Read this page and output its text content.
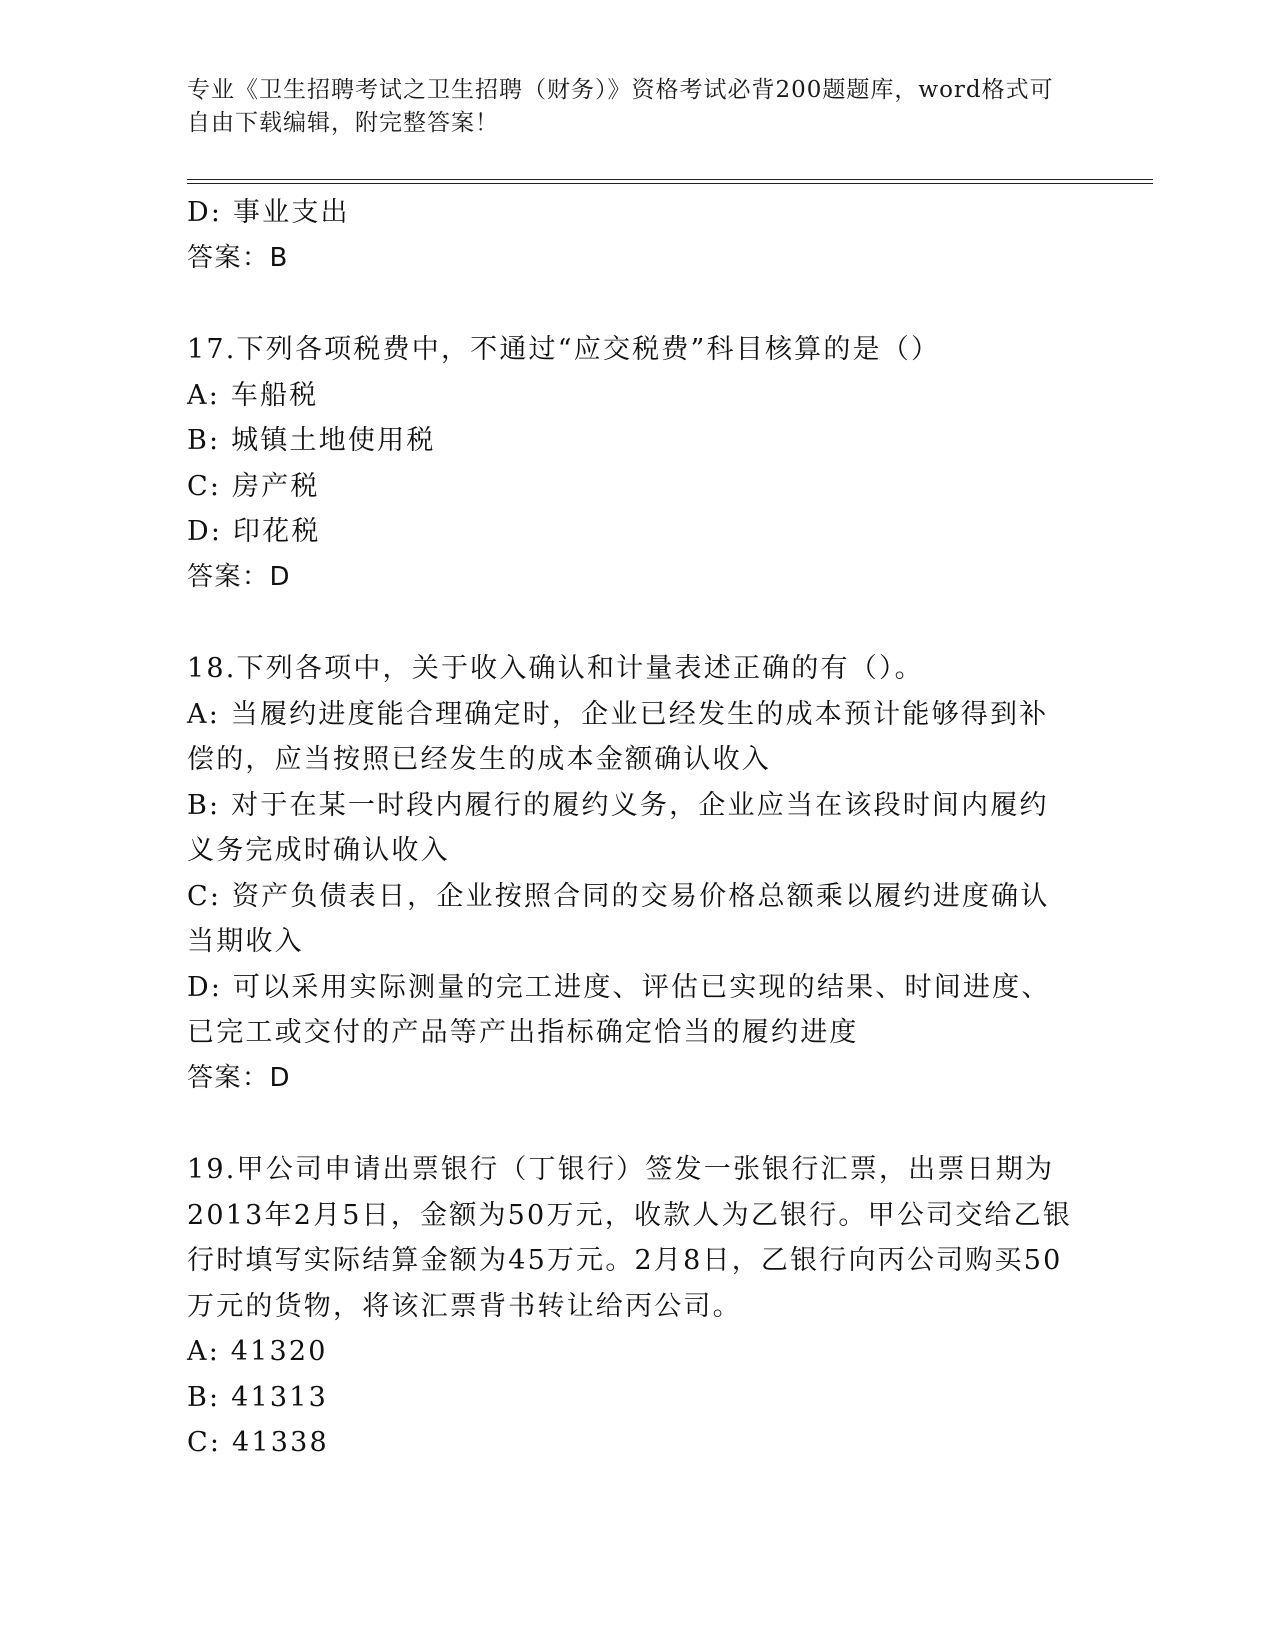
专业《卫生招聘考试之卫生招聘（财务）》资格考试必背200题题库，word格式可自由下载编辑，附完整答案！

D: 事业支出

答案：B

17.下列各项税费中，不通过“应交税费”科目核算的是（）

A: 车船税

B: 城镇土地使用税

C: 房产税

D: 印花税

答案：D

18.下列各项中，关于收入确认和计量表述正确的有（）。

A: 当履约进度能合理确定时，企业已经发生的成本预计能够得到补偿的，应当按照已经发生的成本金额确认收入

B: 对于在某一时段内履行的履约义务，企业应当在该段时间内履约义务完成时确认收入

C: 资产负债表日，企业按照合同的交易价格总额乘以履约进度确认当期收入

D: 可以采用实际测量的完工进度、评估已实现的结果、时间进度、已完工或交付的产品等产出指标确定恰当的履约进度

答案：D

19.甲公司申请出票银行（丁银行）签发一张银行汇票，出票日期为2013年2月5日，金额为50万元，收款人为乙银行。甲公司交给乙银行时填写实际结算金额为45万元。2月8日，乙银行向丙公司购买50万元的货物，将该汇票背书转让给丙公司。

A: 41320

B: 41313

C: 41338
